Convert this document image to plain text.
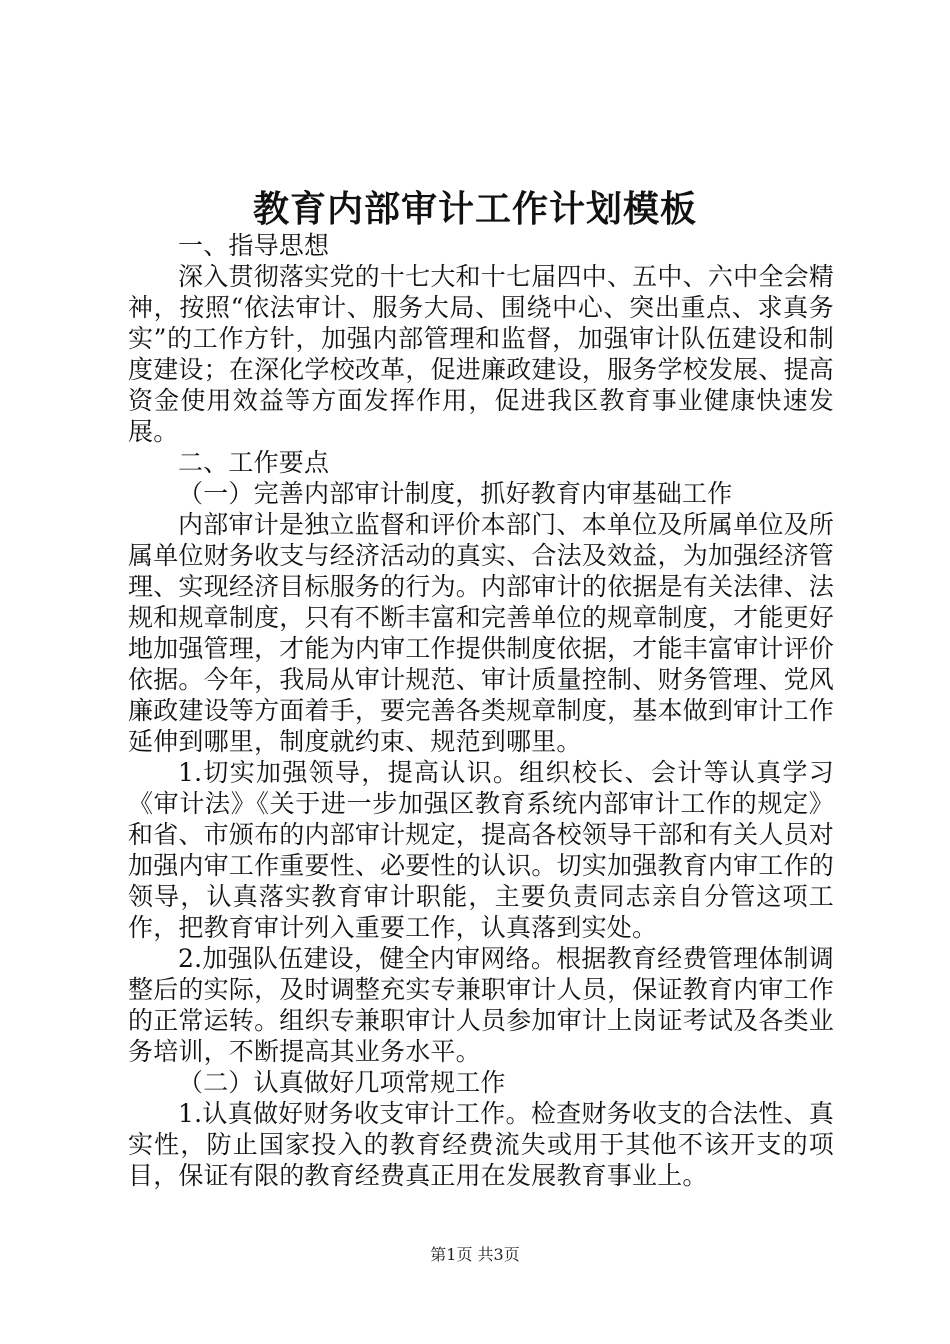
教育内部审计工作计划模板

一、指导思想

深入贯彻落实党的十七大和十七届四中、五中、六中全会精神，按照“依法审计、服务大局、围绕中心、突出重点、求真务实”的工作方针，加强内部管理和监督，加强审计队伍建设和制度建设；在深化学校改革，促进廉政建设，服务学校发展、提高资金使用效益等方面发挥作用，促进我区教育事业健康快速发展。

二、工作要点

（一）完善内部审计制度，抓好教育内审基础工作

内部审计是独立监督和评价本部门、本单位及所属单位及所属单位财务收支与经济活动的真实、合法及效益，为加强经济管理、实现经济目标服务的行为。内部审计的依据是有关法律、法规和规章制度，只有不断丰富和完善单位的规章制度，才能更好地加强管理，才能为内审工作提供制度依据，才能丰富审计评价依据。今年，我局从审计规范、审计质量控制、财务管理、党风廉政建设等方面着手，要完善各类规章制度，基本做到审计工作延伸到哪里，制度就约束、规范到哪里。

1.切实加强领导，提高认识。组织校长、会计等认真学习《审计法》《关于进一步加强区教育系统内部审计工作的规定》和省、市颁布的内部审计规定，提高各校领导干部和有关人员对加强内审工作重要性、必要性的认识。切实加强教育内审工作的领导，认真落实教育审计职能，主要负责同志亲自分管这项工作，把教育审计列入重要工作，认真落到实处。

2.加强队伍建设，健全内审网络。根据教育经费管理体制调整后的实际，及时调整充实专兼职审计人员，保证教育内审工作的正常运转。组织专兼职审计人员参加审计上岗证考试及各类业务培训，不断提高其业务水平。

（二）认真做好几项常规工作

1.认真做好财务收支审计工作。检查财务收支的合法性、真实性，防止国家投入的教育经费流失或用于其他不该开支的项目，保证有限的教育经费真正用在发展教育事业上。

第1页 共3页
